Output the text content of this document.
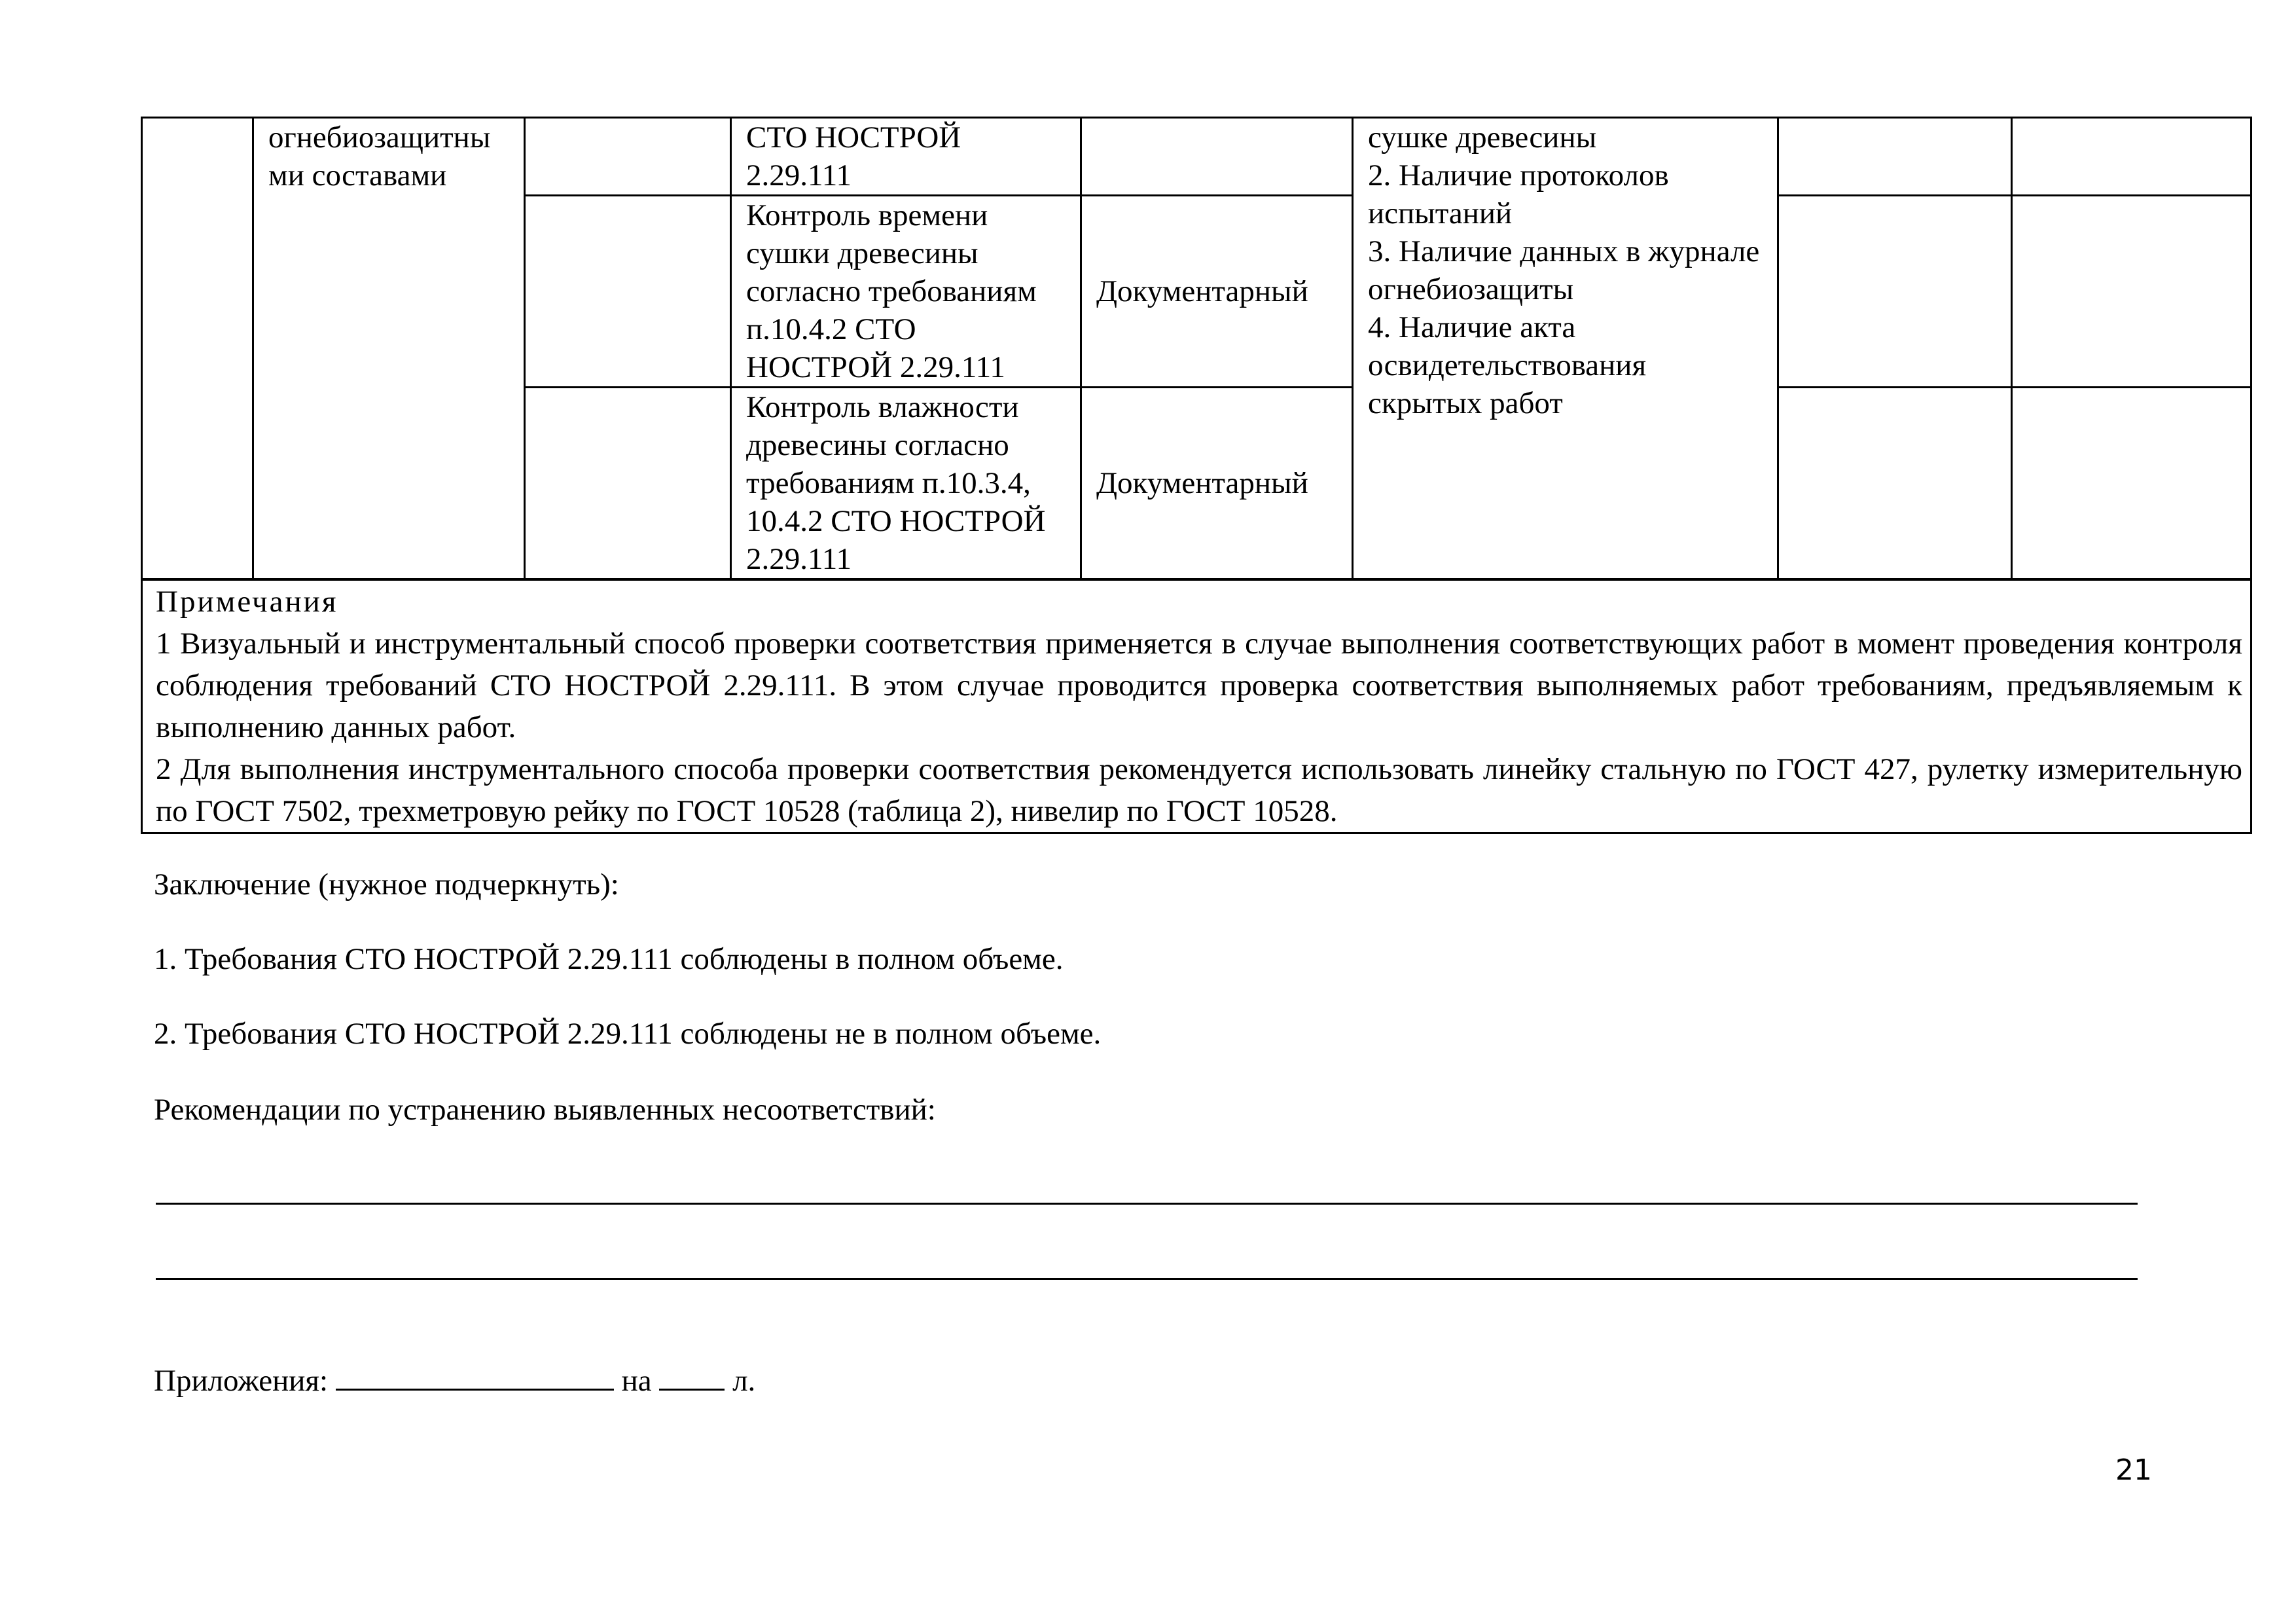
	огнебиозащитны ми составами		СТО НОСТРОЙ 2.29.111		сушке древесины
2. Наличие протоколов испытаний
3. Наличие данных в журнале огнебиозащиты
4. Наличие акта освидетельствования скрытых работ		

			Контроль времени сушки древесины согласно требованиям п.10.4.2 СТО НОСТРОЙ 2.29.111	Документарный			
			Контроль влажности древесины согласно требованиям п.10.3.4, 10.4.2 СТО НОСТРОЙ 2.29.111	Документарный			

Примечания
1 Визуальный и инструментальный способ проверки соответствия применяется в случае выполнения соответствующих работ в момент проведения контроля соблюдения требований СТО НОСТРОЙ 2.29.111. В этом случае проводится проверка соответствия выполняемых работ требованиям, предъявляемым к выполнению данных работ.
2 Для выполнения инструментального способа проверки соответствия рекомендуется использовать линейку стальную по ГОСТ 427, рулетку измерительную по ГОСТ 7502, трехметровую рейку по ГОСТ 10528 (таблица 2), нивелир по ГОСТ 10528.							
Заключение (нужное подчеркнуть):
1. Требования СТО НОСТРОЙ 2.29.111 соблюдены в полном объеме.
2. Требования СТО НОСТРОЙ 2.29.111 соблюдены не в полном объеме.
Рекомендации по устранению выявленных несоответствий:
Приложения:	на	л.
21
